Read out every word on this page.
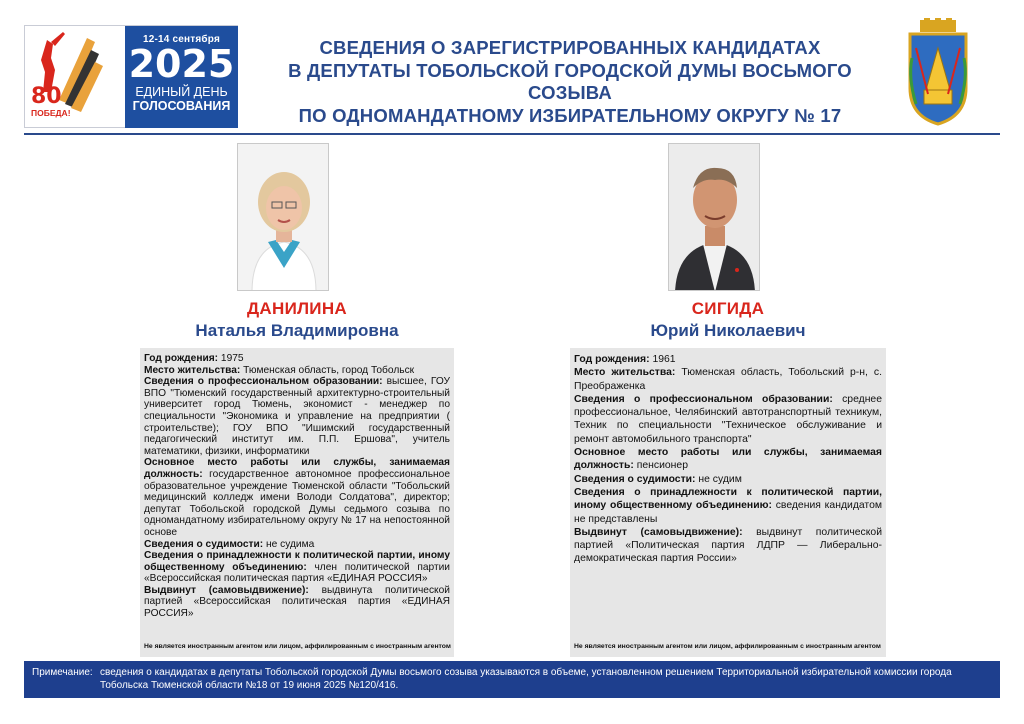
80
ПОБЕДА!
12-14 сентября
2025
ЕДИНЫЙ ДЕНЬ
ГОЛОСОВАНИЯ
СВЕДЕНИЯ О ЗАРЕГИСТРИРОВАННЫХ КАНДИДАТАХ
В ДЕПУТАТЫ ТОБОЛЬСКОЙ ГОРОДСКОЙ ДУМЫ ВОСЬМОГО СОЗЫВА
ПО ОДНОМАНДАТНОМУ ИЗБИРАТЕЛЬНОМУ ОКРУГУ № 17
ДАНИЛИНА
Наталья Владимировна
СИГИДА
Юрий Николаевич

Год рождения: 1975

Место жительства: Тюменская область, город Тобольск

Сведения о профессиональном образовании: высшее, ГОУ ВПО "Тюменский государственный архитектурно-строительный университет город Тюмень, экономист - менеджер по специальности "Экономика и управление на предприятии ( строительстве); ГОУ ВПО "Ишимский государственный педагогический институт им. П.П. Ершова", учитель математики, физики, информатики

Основное место работы или службы, занимаемая должность: государственное автономное профессиональное образовательное учреждение Тюменской области "Тобольский медицинский колледж имени Володи Солдатова", директор; депутат Тобольской городской Думы седьмого созыва по одномандатному избирательному округу № 17 на непостоянной основе

Сведения о судимости: не судима

Сведения о принадлежности к политической партии, иному общественному объединению: член политической партии «Всероссийская политическая партия «ЕДИНАЯ РОССИЯ»

Выдвинут (самовыдвижение): выдвинута политической партией «Всероссийская политическая партия «ЕДИНАЯ РОССИЯ»

Не является иностранным агентом или лицом, аффилированным с иностранным агентом

Год рождения: 1961

Место жительства: Тюменская область, Тобольский р-н, с. Преображенка

Сведения о профессиональном образовании: среднее профессиональное, Челябинский автотранспортный техникум, Техник по специальности "Техническое обслуживание и ремонт автомобильного транспорта"

Основное место работы или службы, занимаемая должность: пенсионер

Сведения о судимости: не судим

Сведения о принадлежности к политической партии, иному общественному объединению: сведения кандидатом не представлены

Выдвинут (самовыдвижение): выдвинут политической партией «Политическая партия ЛДПР — Либерально-демократическая партия России»

Не является иностранным агентом или лицом, аффилированным с иностранным агентом
Примечание: сведения о кандидатах в депутаты Тобольской городской Думы восьмого созыва указываются в объеме, установленном решением Территориальной избирательной комиссии города Тобольска Тюменской области №18 от 19 июня 2025 №120/416.
